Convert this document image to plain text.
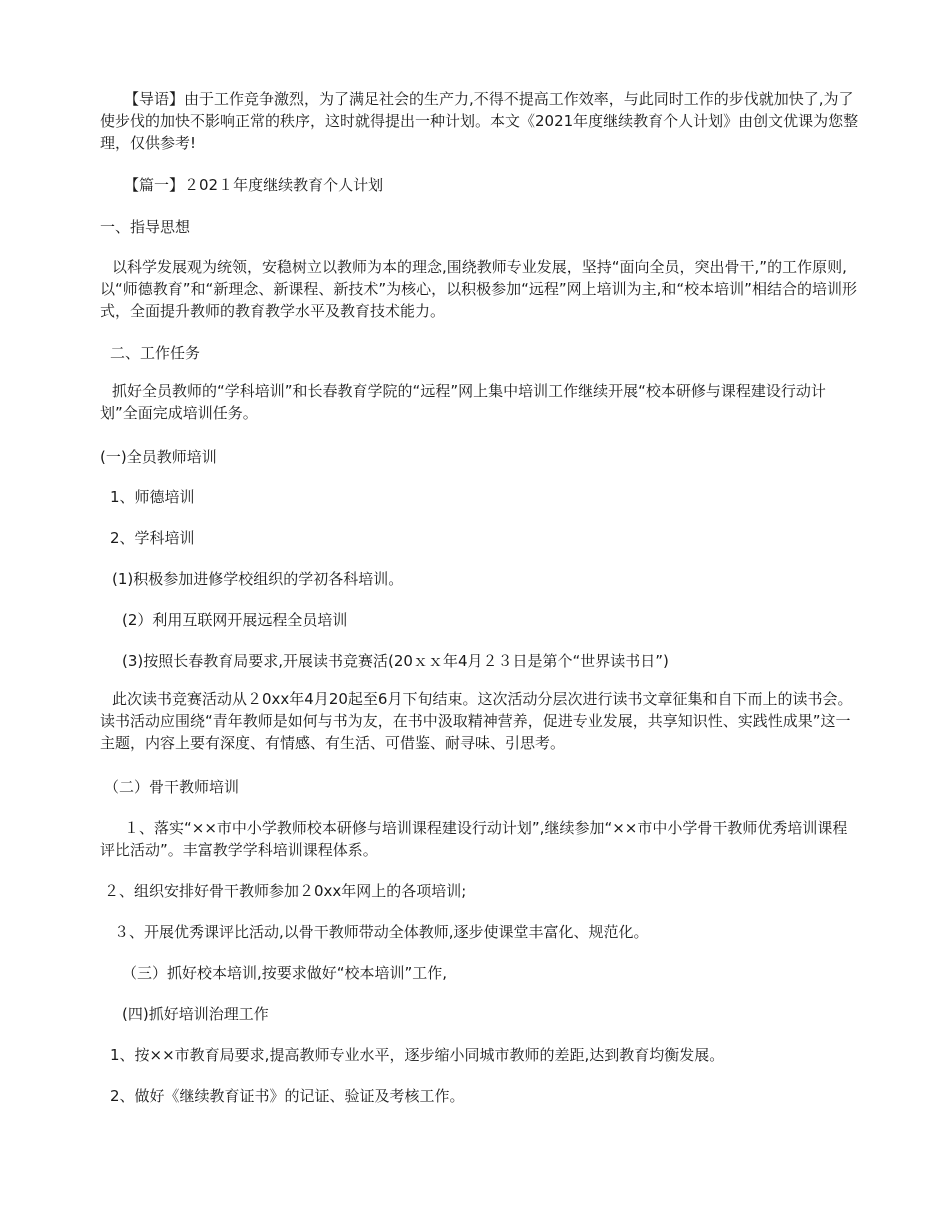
【导语】由于工作竞争激烈，为了满足社会的生产力,不得不提高工作效率，与此同时工作的步伐就加快了,为了使步伐的加快不影响正常的秩序，这时就得提出一种计划。本文《2021年度继续教育个人计划》由创文优课为您整理，仅供参考!

【篇一】２02１年度继续教育个人计划

一、指导思想

以科学发展观为统领，安稳树立以教师为本的理念,围绕教师专业发展，坚持“面向全员，突出骨干,”的工作原则,以“师德教育”和“新理念、新课程、新技术”为核心，以积极参加“远程”网上培训为主,和“校本培训”相结合的培训形式，全面提升教师的教育教学水平及教育技术能力。

二、工作任务

抓好全员教师的“学科培训”和长春教育学院的“远程”网上集中培训工作继续开展“校本研修与课程建设行动计划”全面完成培训任务。

(一)全员教师培训

1、师德培训

2、学科培训

(1)积极参加进修学校组织的学初各科培训。

(2）利用互联网开展远程全员培训

(3)按照长春教育局要求,开展读书竞赛活(20ｘｘ年4月２３日是第个“世界读书日”)

此次读书竞赛活动从２0xx年4月20起至6月下旬结束。这次活动分层次进行读书文章征集和自下而上的读书会。读书活动应围绕“青年教师是如何与书为友，在书中汲取精神营养，促进专业发展，共享知识性、实践性成果”这一主题，内容上要有深度、有情感、有生活、可借鉴、耐寻味、引思考。

（二）骨干教师培训

１、落实“××市中小学教师校本研修与培训课程建设行动计划”,继续参加“××市中小学骨干教师优秀培训课程评比活动”。丰富教学学科培训课程体系。

２、组织安排好骨干教师参加２0xx年网上的各项培训;

３、开展优秀课评比活动,以骨干教师带动全体教师,逐步使课堂丰富化、规范化。

（三）抓好校本培训,按要求做好“校本培训”工作,

(四)抓好培训治理工作

1、按××市教育局要求,提高教师专业水平，逐步缩小同城市教师的差距,达到教育均衡发展。

2、做好《继续教育证书》的记证、验证及考核工作。
